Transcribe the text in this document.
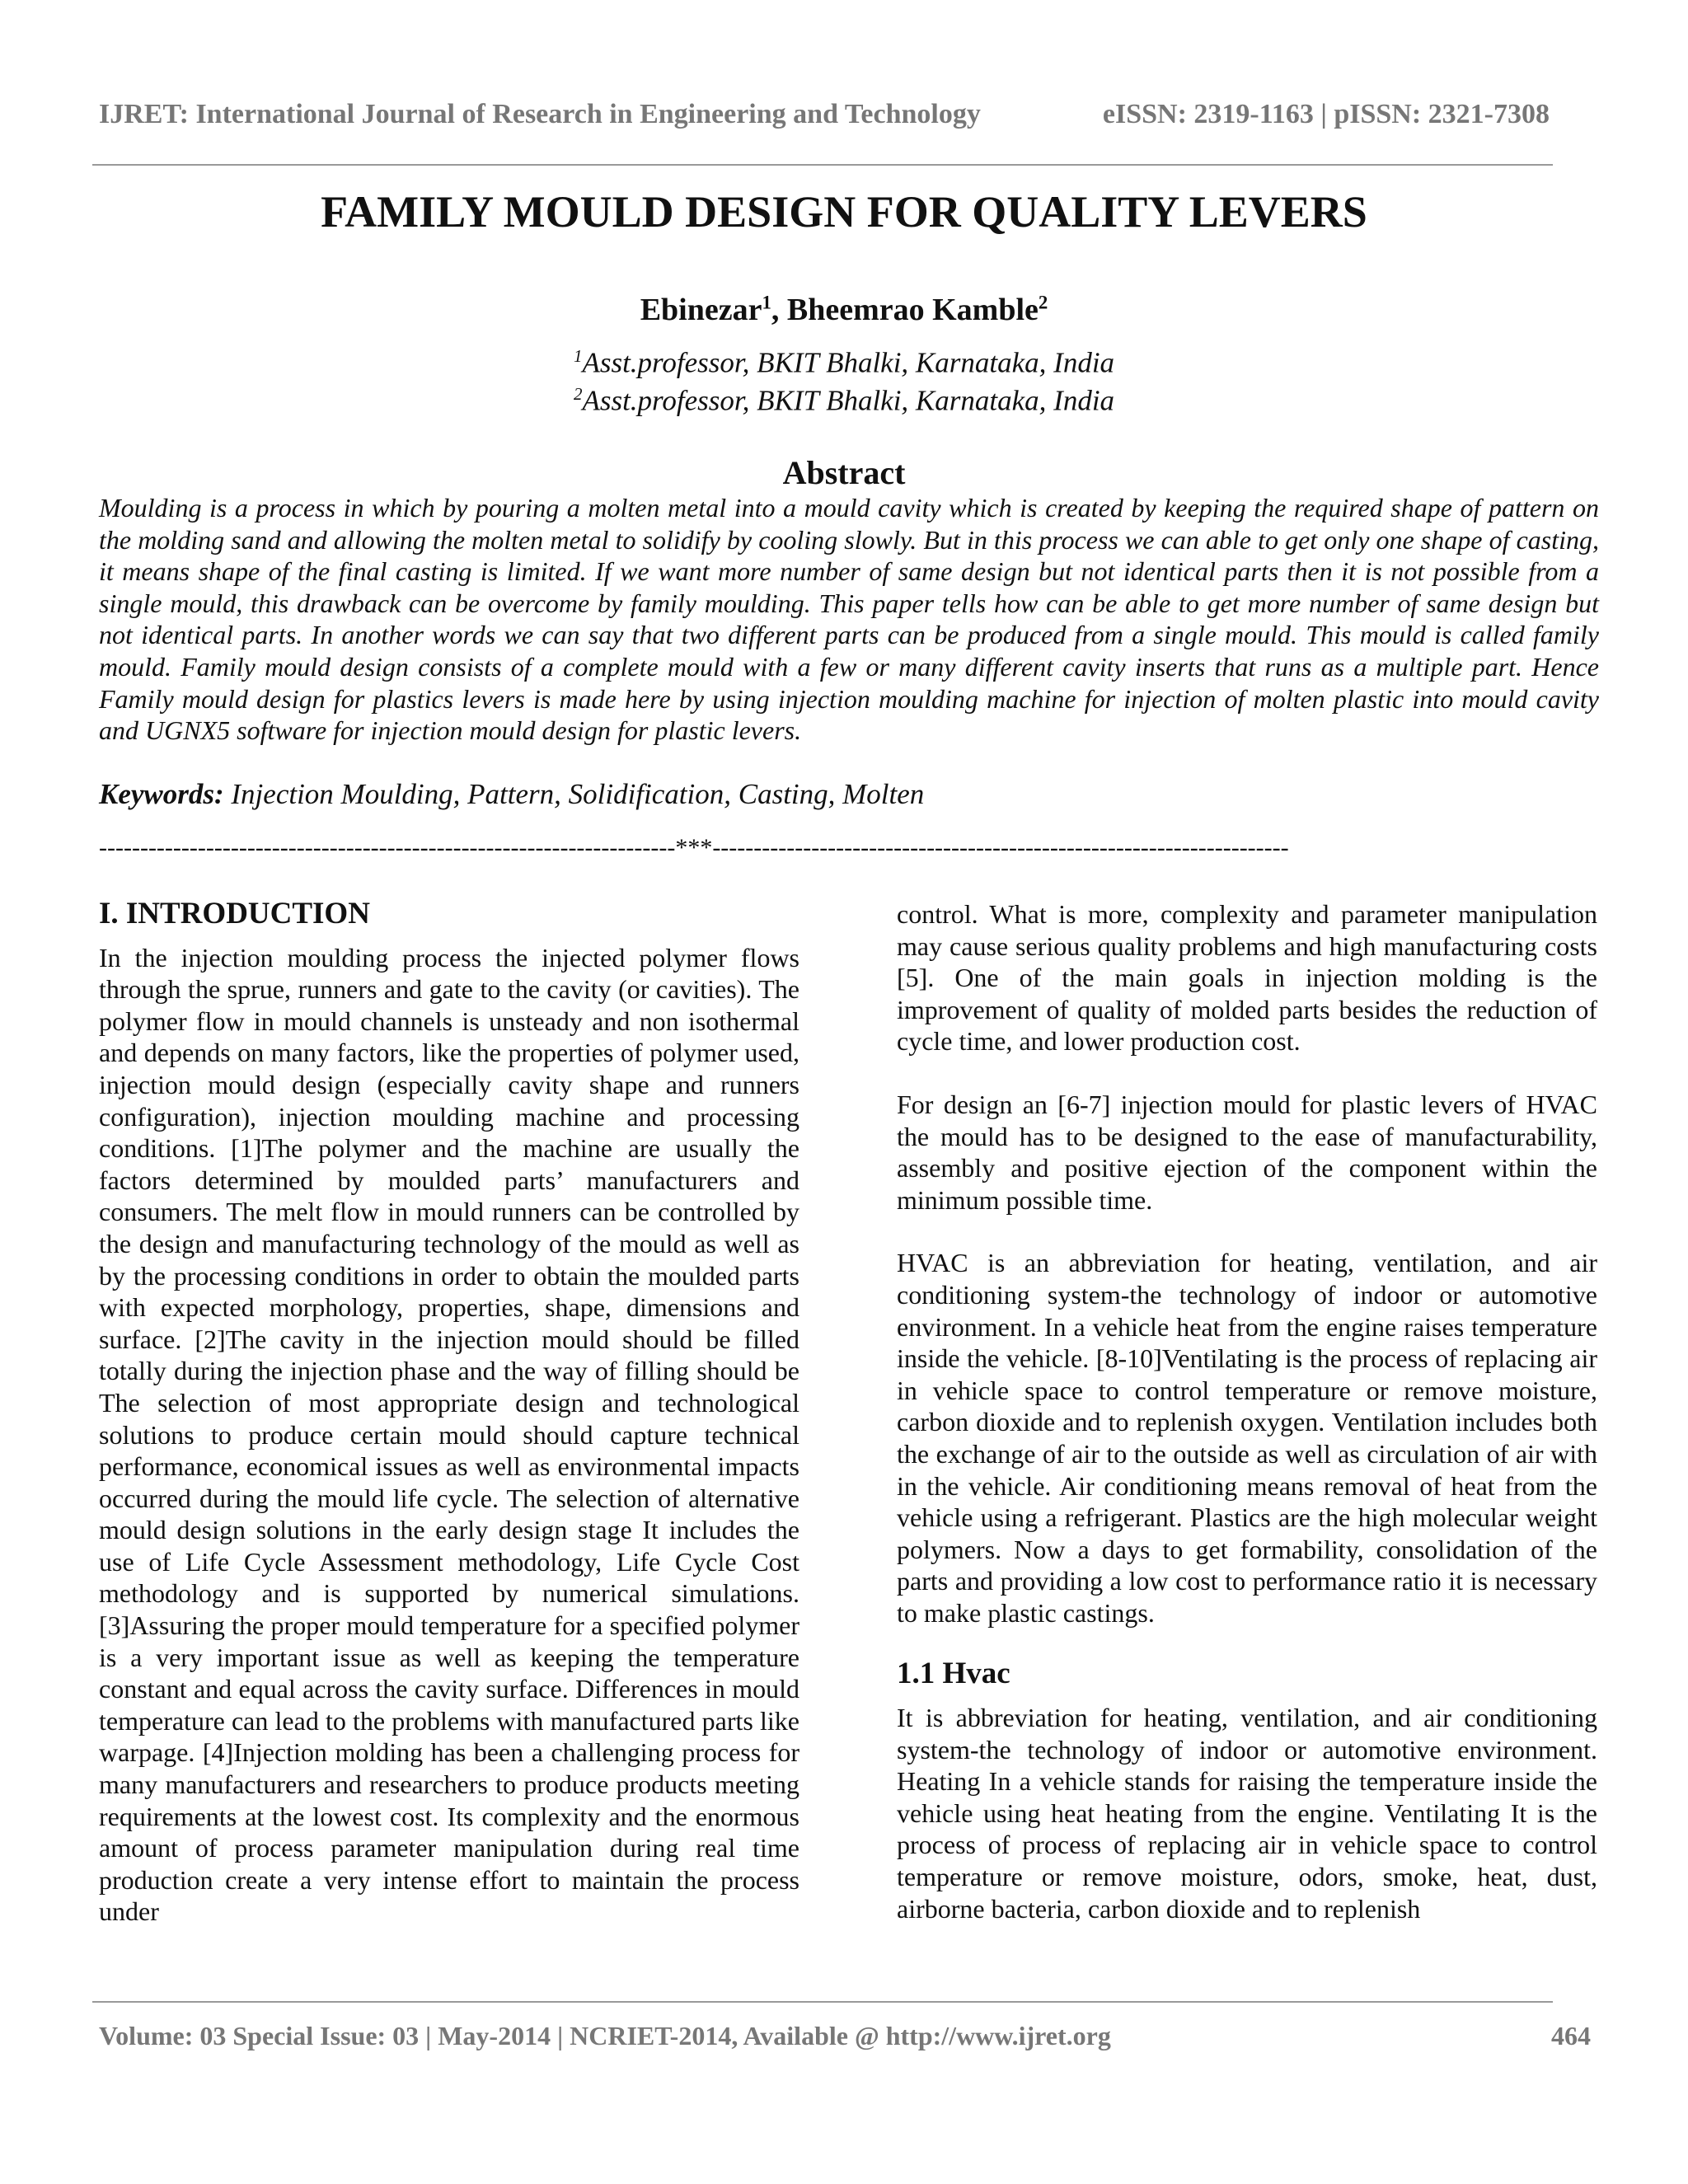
IJRET: International Journal of Research in Engineering and Technology	eISSN: 2319-1163 | pISSN: 2321-7308
FAMILY MOULD DESIGN FOR QUALITY LEVERS
Ebinezar$^1$, Bheemrao Kamble$^2$
$^1$Asst.professor, BKIT Bhalki, Karnataka, India
$^2$Asst.professor, BKIT Bhalki, Karnataka, India
Abstract

Moulding is a process in which by pouring a molten metal into a mould cavity which is created by keeping the required shape of pattern on the molding sand and allowing the molten metal to solidify by cooling slowly. But in this process we can able to get only one shape of casting, it means shape of the final casting is limited. If we want more number of same design but not identical parts then it is not possible from a single mould, this drawback can be overcome by family moulding. This paper tells how can be able to get more number of same design but not identical parts. In another words we can say that two different parts can be produced from a single mould. This mould is called family mould. Family mould design consists of a complete mould with a few or many different cavity inserts that runs as a multiple part. Hence Family mould design for plastics levers is made here by using injection moulding machine for injection of molten plastic into mould cavity and UGNX5 software for injection mould design for plastic levers.

Keywords: Injection Moulding, Pattern, Solidification, Casting, Molten

----------------------------------------------------------------------***----------------------------------------------------------------------
I. INTRODUCTION

In the injection moulding process the injected polymer flows through the sprue, runners and gate to the cavity (or cavities). The polymer flow in mould channels is unsteady and non isothermal and depends on many factors, like the properties of polymer used, injection mould design (especially cavity shape and runners configuration), injection moulding machine and processing conditions. [1]The polymer and the machine are usually the factors determined by moulded parts’ manufacturers and consumers. The melt flow in mould runners can be controlled by the design and manufacturing technology of the mould as well as by the processing conditions in order to obtain the moulded parts with expected morphology, properties, shape, dimensions and surface. [2]The cavity in the injection mould should be filled totally during the injection phase and the way of filling should be The selection of most appropriate design and technological solutions to produce certain mould should capture technical performance, economical issues as well as environmental impacts occurred during the mould life cycle. The selection of alternative mould design solutions in the early design stage It includes the use of Life Cycle Assessment methodology, Life Cycle Cost methodology and is supported by numerical simulations. [3]Assuring the proper mould temperature for a specified polymer is a very important issue as well as keeping the temperature constant and equal across the cavity surface. Differences in mould temperature can lead to the problems with manufactured parts like warpage. [4]Injection molding has been a challenging process for many manufacturers and researchers to produce products meeting requirements at the lowest cost. Its complexity and the enormous amount of process parameter manipulation during real time production create a very intense effort to maintain the process under

control. What is more, complexity and parameter manipulation may cause serious quality problems and high manufacturing costs [5]. One of the main goals in injection molding is the improvement of quality of molded parts besides the reduction of cycle time, and lower production cost.

For design an [6-7] injection mould for plastic levers of HVAC the mould has to be designed to the ease of manufacturability, assembly and positive ejection of the component within the minimum possible time.

HVAC is an abbreviation for heating, ventilation, and air conditioning system-the technology of indoor or automotive environment. In a vehicle heat from the engine raises temperature inside the vehicle. [8-10]Ventilating is the process of replacing air in vehicle space to control temperature or remove moisture, carbon dioxide and to replenish oxygen. Ventilation includes both the exchange of air to the outside as well as circulation of air with in the vehicle. Air conditioning means removal of heat from the vehicle using a refrigerant. Plastics are the high molecular weight polymers. Now a days to get formability, consolidation of the parts and providing a low cost to performance ratio it is necessary to make plastic castings.

1.1 Hvac

It is abbreviation for heating, ventilation, and air conditioning system-the technology of indoor or automotive environment. Heating In a vehicle stands for raising the temperature inside the vehicle using heat heating from the engine. Ventilating It is the process of process of replacing air in vehicle space to control temperature or remove moisture, odors, smoke, heat, dust, airborne bacteria, carbon dioxide and to replenish

Volume: 03 Special Issue: 03 | May-2014 | NCRIET-2014, Available @ http://www.ijret.org	464
